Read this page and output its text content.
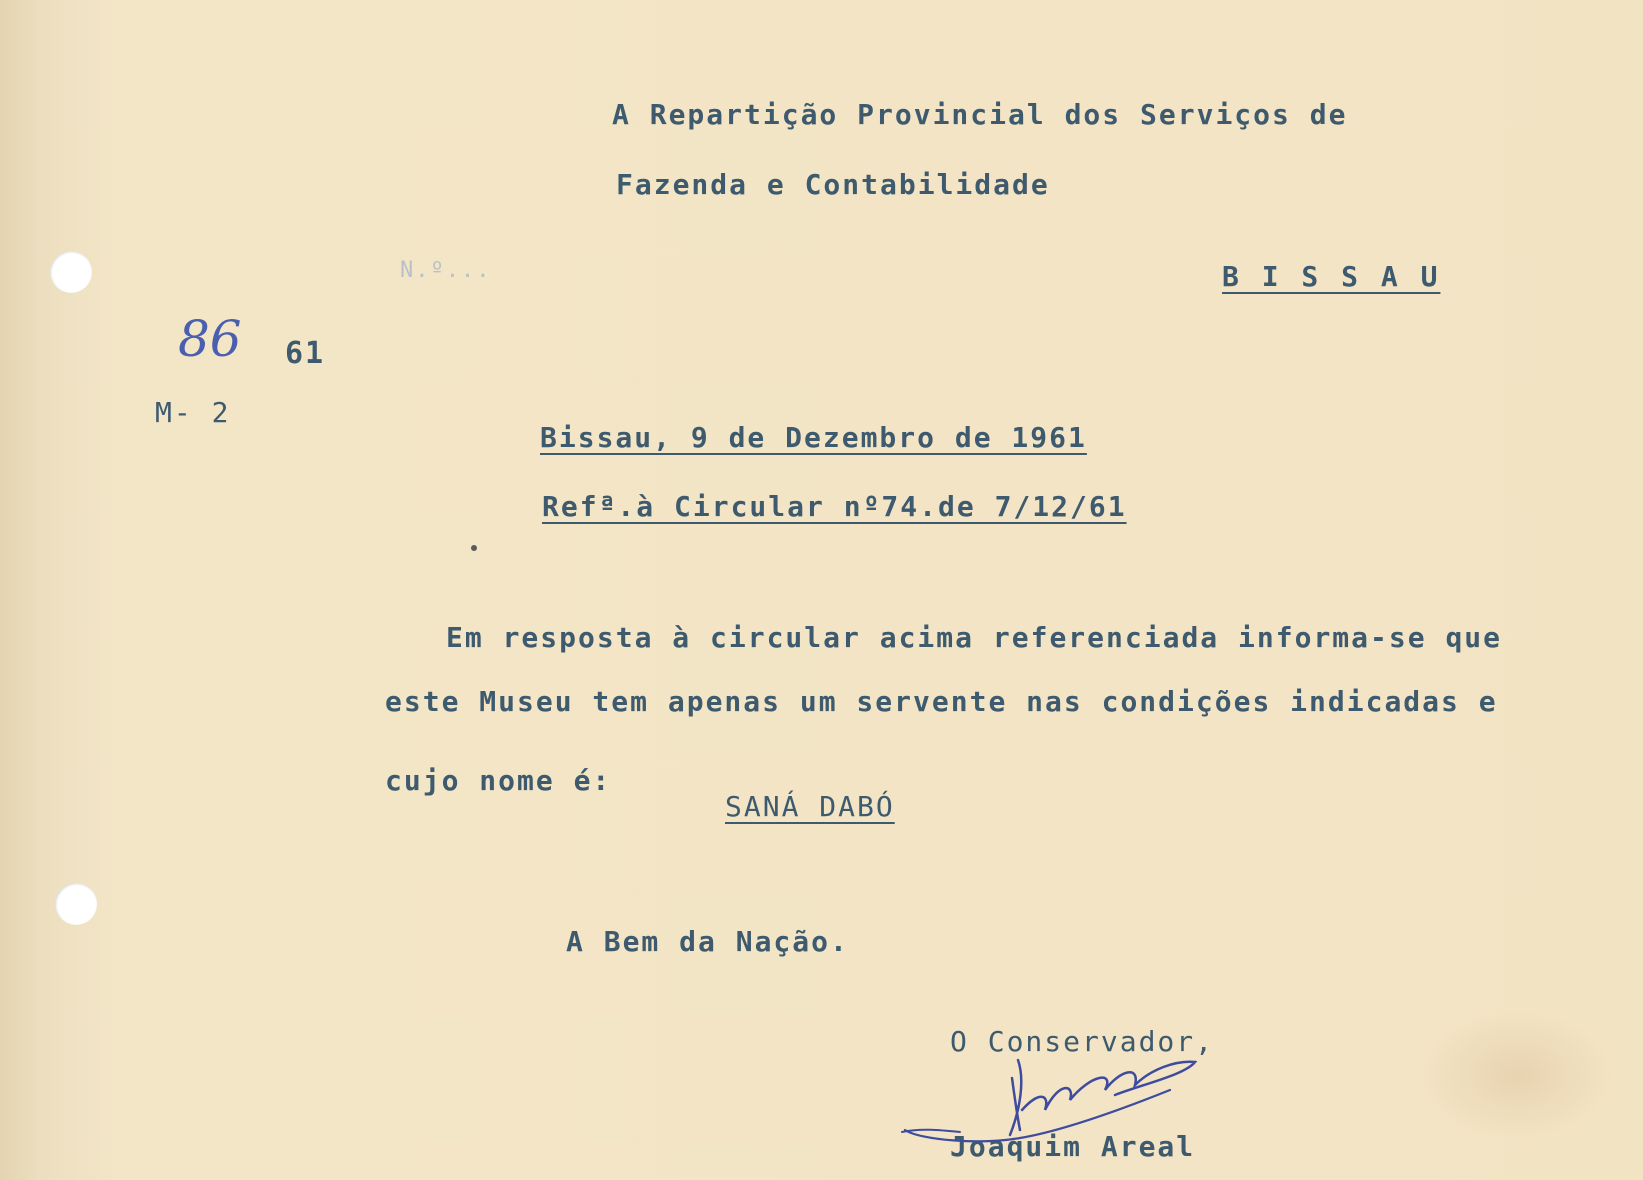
A Repartição Provincial dos Serviços de
Fazenda e Contabilidade
B I S S A U
N.º...
86 61
M- 2
Bissau, 9 de Dezembro de 1961
Refª.à Circular nº74.de 7/12/61
Em resposta à circular acima referenciada informa-se que
este Museu tem apenas um servente nas condições indicadas e
cujo nome é:
SANÁ DABÓ
A Bem da Nação.
O Conservador,
Joaquim Areal
